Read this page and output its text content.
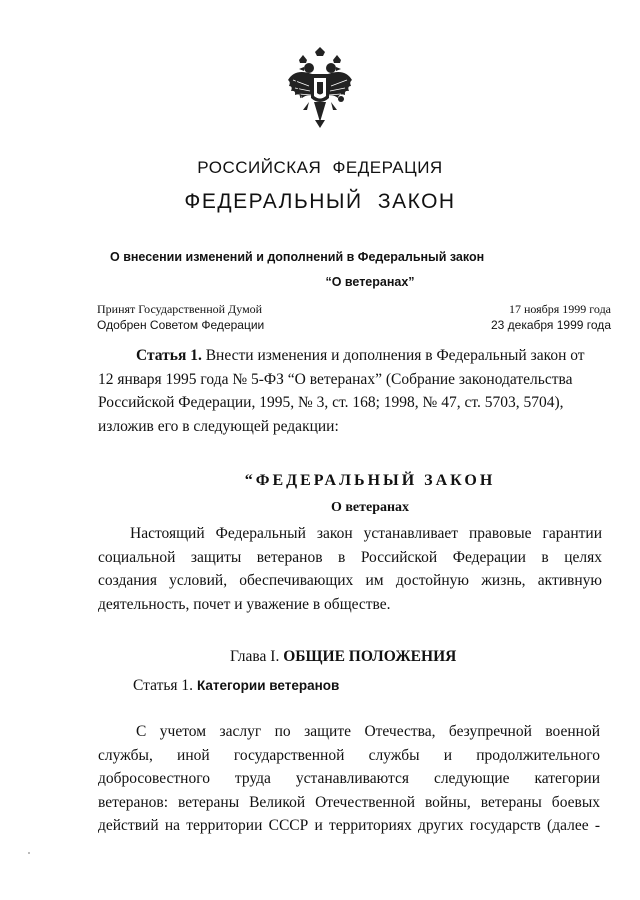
РОССИЙСКАЯ ФЕДЕРАЦИЯ
ФЕДЕРАЛЬНЫЙ ЗАКОН
О внесении изменений и дополнений в Федеральный закон
“О ветеранах”
Принят Государственной Думой	17 ноября 1999 года
Одобрен Советом Федерации	23 декабря 1999 года
Статья 1. Внести изменения и дополнения в Федеральный закон от
12 января 1995 года № 5-ФЗ “О ветеранах” (Собрание законодательства
Российской Федерации, 1995, № 3, ст. 168; 1998, № 47, ст. 5703, 5704),
изложив его в следующей редакции:
“ФЕДЕРАЛЬНЫЙ ЗАКОН
О ветеранах
Настоящий Федеральный закон устанавливает правовые гарантии
социальной защиты ветеранов в Российской Федерации в целях
создания условий, обеспечивающих им достойную жизнь, активную
деятельность, почет и уважение в обществе.
Глава I. ОБЩИЕ ПОЛОЖЕНИЯ
Статья 1. Категории ветеранов
С учетом заслуг по защите Отечества, безупречной военной
службы, иной государственной службы и продолжительного
добросовестного труда устанавливаются следующие категории
ветеранов: ветераны Великой Отечественной войны, ветераны боевых
действий на территории СССР и территориях других государств (далее -
